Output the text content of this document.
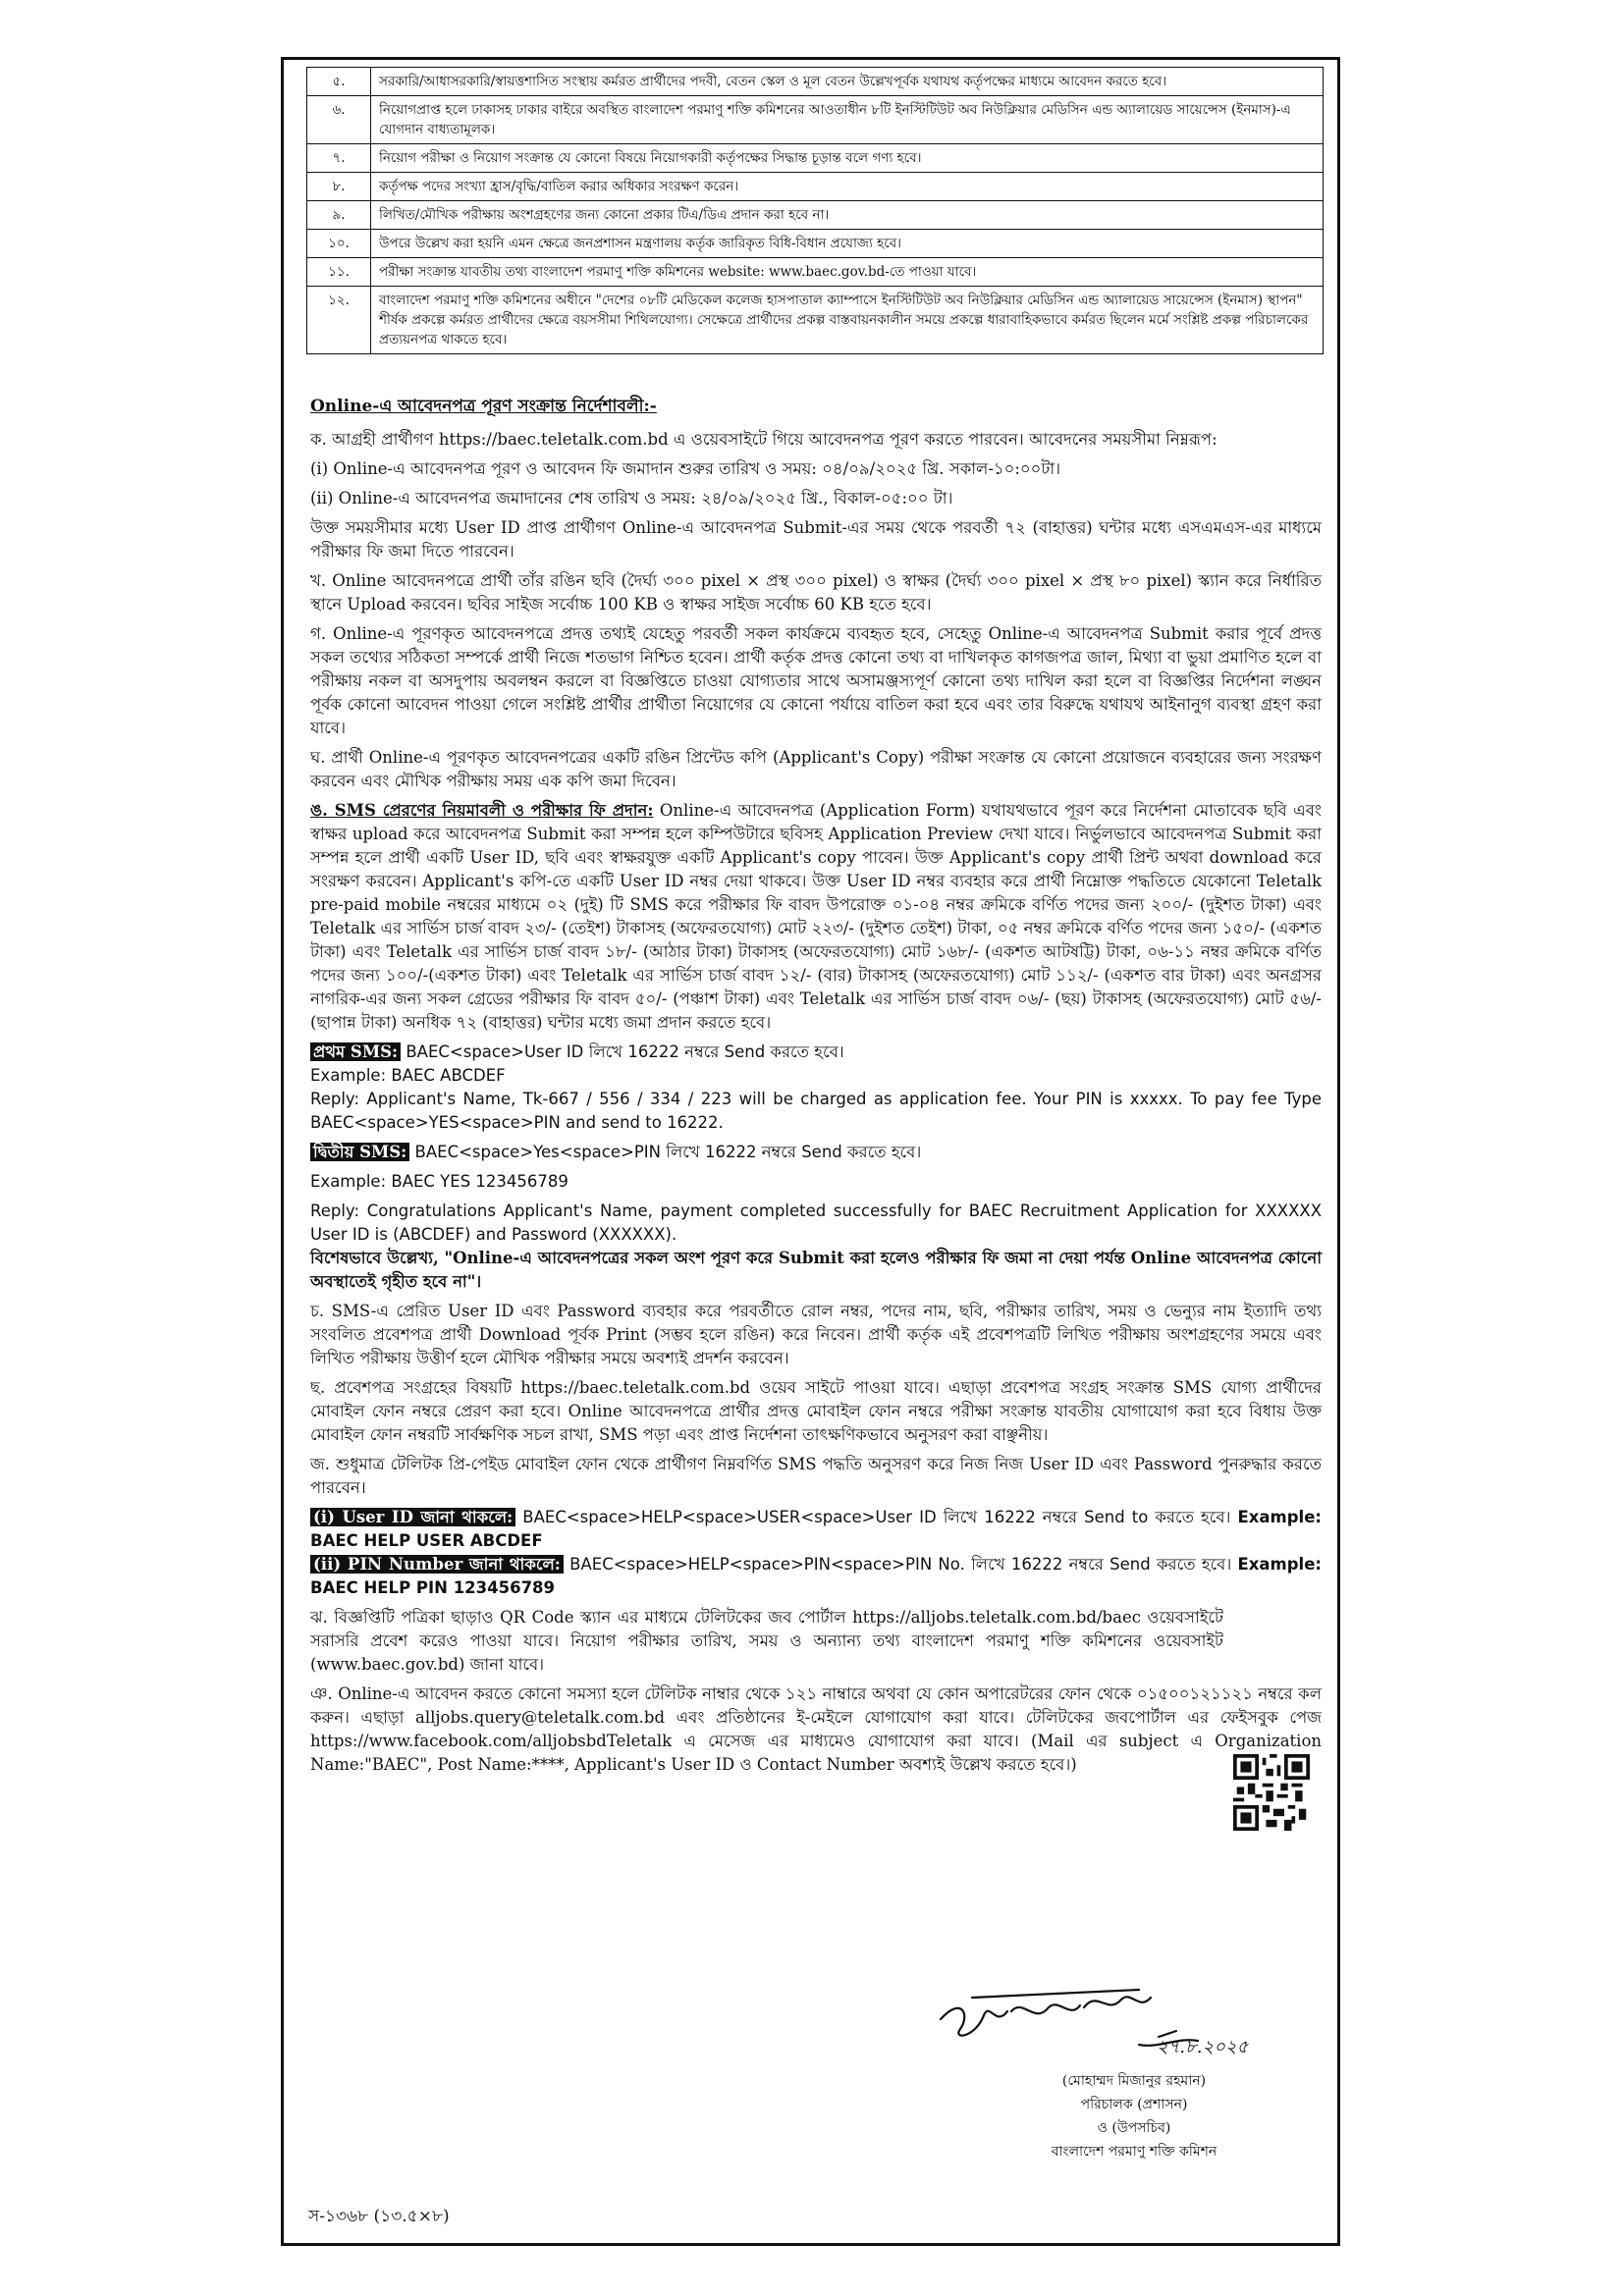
৫.	সরকারি/আধাসরকারি/স্বায়ত্তশাসিত সংস্থায় কর্মরত প্রার্থীদের পদবী, বেতন স্কেল ও মূল বেতন উল্লেখপূর্বক যথাযথ কর্তৃপক্ষের মাধ্যমে আবেদন করতে হবে।
৬.	নিয়োগপ্রাপ্ত হলে ঢাকাসহ ঢাকার বাইরে অবস্থিত বাংলাদেশ পরমাণু শক্তি কমিশনের আওতাধীন ৮টি ইনস্টিটিউট অব নিউক্লিয়ার মেডিসিন এন্ড অ্যালায়েড সায়েন্সেস (ইনমাস)-এ যোগদান বাধ্যতামূলক।
৭.	নিয়োগ পরীক্ষা ও নিয়োগ সংক্রান্ত যে কোনো বিষয়ে নিয়োগকারী কর্তৃপক্ষের সিদ্ধান্ত চূড়ান্ত বলে গণ্য হবে।
৮.	কর্তৃপক্ষ পদের সংখ্যা হ্রাস/বৃদ্ধি/বাতিল করার অধিকার সংরক্ষণ করেন।
৯.	লিখিত/মৌখিক পরীক্ষায় অংশগ্রহণের জন্য কোনো প্রকার টিএ/ডিএ প্রদান করা হবে না।
১০.	উপরে উল্লেখ করা হয়নি এমন ক্ষেত্রে জনপ্রশাসন মন্ত্রণালয় কর্তৃক জারিকৃত বিধি-বিধান প্রযোজ্য হবে।
১১.	পরীক্ষা সংক্রান্ত যাবতীয় তথ্য বাংলাদেশ পরমাণু শক্তি কমিশনের website: www.baec.gov.bd-তে পাওয়া যাবে।
১২.	বাংলাদেশ পরমাণু শক্তি কমিশনের অধীনে "দেশের ০৮টি মেডিকেল কলেজ হাসপাতাল ক্যাম্পাসে ইনস্টিটিউট অব নিউক্লিয়ার মেডিসিন এন্ড অ্যালায়েড সায়েন্সেস (ইনমাস) স্থাপন" শীর্ষক প্রকল্পে কর্মরত প্রার্থীদের ক্ষেত্রে বয়সসীমা শিথিলযোগ্য। সেক্ষেত্রে প্রার্থীদের প্রকল্প বাস্তবায়নকালীন সময়ে প্রকল্পে ধারাবাহিকভাবে কর্মরত ছিলেন মর্মে সংশ্লিষ্ট প্রকল্প পরিচালকের প্রত্যয়নপত্র থাকতে হবে।

Online-এ আবেদনপত্র পূরণ সংক্রান্ত নির্দেশাবলী:-

ক. আগ্রহী প্রার্থীগণ https://baec.teletalk.com.bd এ ওয়েবসাইটে গিয়ে আবেদনপত্র পূরণ করতে পারবেন। আবেদনের সময়সীমা নিম্নরূপ:

(i) Online-এ আবেদনপত্র পূরণ ও আবেদন ফি জমাদান শুরুর তারিখ ও সময়: ০৪/০৯/২০২৫ খ্রি. সকাল-১০:০০টা।

(ii) Online-এ আবেদনপত্র জমাদানের শেষ তারিখ ও সময়: ২৪/০৯/২০২৫ খ্রি., বিকাল-০৫:০০ টা।

উক্ত সময়সীমার মধ্যে User ID প্রাপ্ত প্রার্থীগণ Online-এ আবেদনপত্র Submit-এর সময় থেকে পরবর্তী ৭২ (বাহাত্তর) ঘন্টার মধ্যে এসএমএস-এর মাধ্যমে পরীক্ষার ফি জমা দিতে পারবেন।

খ. Online আবেদনপত্রে প্রার্থী তাঁর রঙিন ছবি (দৈর্ঘ্য ৩০০ pixel × প্রস্থ ৩০০ pixel) ও স্বাক্ষর (দৈর্ঘ্য ৩০০ pixel × প্রস্থ ৮০ pixel) স্ক্যান করে নির্ধারিত স্থানে Upload করবেন। ছবির সাইজ সর্বোচ্চ 100 KB ও স্বাক্ষর সাইজ সর্বোচ্চ 60 KB হতে হবে।

গ. Online-এ পূরণকৃত আবেদনপত্রে প্রদত্ত তথ্যই যেহেতু পরবর্তী সকল কার্যক্রমে ব্যবহৃত হবে, সেহেতু Online-এ আবেদনপত্র Submit করার পূর্বে প্রদত্ত সকল তথ্যের সঠিকতা সম্পর্কে প্রার্থী নিজে শতভাগ নিশ্চিত হবেন। প্রার্থী কর্তৃক প্রদত্ত কোনো তথ্য বা দাখিলকৃত কাগজপত্র জাল, মিথ্যা বা ভুয়া প্রমাণিত হলে বা পরীক্ষায় নকল বা অসদুপায় অবলম্বন করলে বা বিজ্ঞপ্তিতে চাওয়া যোগ্যতার সাথে অসামঞ্জস্যপূর্ণ কোনো তথ্য দাখিল করা হলে বা বিজ্ঞপ্তির নির্দেশনা লঙ্ঘন পূর্বক কোনো আবেদন পাওয়া গেলে সংশ্লিষ্ট প্রার্থীর প্রার্থীতা নিয়োগের যে কোনো পর্যায়ে বাতিল করা হবে এবং তার বিরুদ্ধে যথাযথ আইনানুগ ব্যবস্থা গ্রহণ করা যাবে।

ঘ. প্রার্থী Online-এ পূরণকৃত আবেদনপত্রের একটি রঙিন প্রিন্টেড কপি (Applicant's Copy) পরীক্ষা সংক্রান্ত যে কোনো প্রয়োজনে ব্যবহারের জন্য সংরক্ষণ করবেন এবং মৌখিক পরীক্ষায় সময় এক কপি জমা দিবেন।

ঙ. SMS প্রেরণের নিয়মাবলী ও পরীক্ষার ফি প্রদান: Online-এ আবেদনপত্র (Application Form) যথাযথভাবে পূরণ করে নির্দেশনা মোতাবেক ছবি এবং স্বাক্ষর upload করে আবেদনপত্র Submit করা সম্পন্ন হলে কম্পিউটারে ছবিসহ Application Preview দেখা যাবে। নির্ভুলভাবে আবেদনপত্র Submit করা সম্পন্ন হলে প্রার্থী একটি User ID, ছবি এবং স্বাক্ষরযুক্ত একটি Applicant's copy পাবেন। উক্ত Applicant's copy প্রার্থী প্রিন্ট অথবা download করে সংরক্ষণ করবেন। Applicant's কপি-তে একটি User ID নম্বর দেয়া থাকবে। উক্ত User ID নম্বর ব্যবহার করে প্রার্থী নিম্নোক্ত পদ্ধতিতে যেকোনো Teletalk pre-paid mobile নম্বরের মাধ্যমে ০২ (দুই) টি SMS করে পরীক্ষার ফি বাবদ উপরোক্ত ০১-০৪ নম্বর ক্রমিকে বর্ণিত পদের জন্য ২০০/- (দুইশত টাকা) এবং Teletalk এর সার্ভিস চার্জ বাবদ ২৩/- (তেইশ) টাকাসহ (অফেরতযোগ্য) মোট ২২৩/- (দুইশত তেইশ) টাকা, ০৫ নম্বর ক্রমিকে বর্ণিত পদের জন্য ১৫০/- (একশত টাকা) এবং Teletalk এর সার্ভিস চার্জ বাবদ ১৮/- (আঠার টাকা) টাকাসহ (অফেরতযোগ্য) মোট ১৬৮/- (একশত আটষট্টি) টাকা, ০৬-১১ নম্বর ক্রমিকে বর্ণিত পদের জন্য ১০০/-(একশত টাকা) এবং Teletalk এর সার্ভিস চার্জ বাবদ ১২/- (বার) টাকাসহ (অফেরতযোগ্য) মোট ১১২/- (একশত বার টাকা) এবং অনগ্রসর নাগরিক-এর জন্য সকল গ্রেডের পরীক্ষার ফি বাবদ ৫০/- (পঞ্চাশ টাকা) এবং Teletalk এর সার্ভিস চার্জ বাবদ ০৬/- (ছয়) টাকাসহ (অফেরতযোগ্য) মোট ৫৬/-(ছাপান্ন টাকা) অনধিক ৭২ (বাহাত্তর) ঘন্টার মধ্যে জমা প্রদান করতে হবে।

প্রথম SMS: BAEC<space>User ID লিখে 16222 নম্বরে Send করতে হবে।

Example: BAEC ABCDEF

Reply: Applicant's Name, Tk-667 / 556 / 334 / 223 will be charged as application fee. Your PIN is xxxxx. To pay fee Type BAEC<space>YES<space>PIN and send to 16222.

দ্বিতীয় SMS: BAEC<space>Yes<space>PIN লিখে 16222 নম্বরে Send করতে হবে।

Example: BAEC YES 123456789

Reply: Congratulations Applicant's Name, payment completed successfully for BAEC Recruitment Application for XXXXXX User ID is (ABCDEF) and Password (XXXXXX).

বিশেষভাবে উল্লেখ্য, "Online-এ আবেদনপত্রের সকল অংশ পূরণ করে Submit করা হলেও পরীক্ষার ফি জমা না দেয়া পর্যন্ত Online আবেদনপত্র কোনো অবস্থাতেই গৃহীত হবে না"।

চ. SMS-এ প্রেরিত User ID এবং Password ব্যবহার করে পরবর্তীতে রোল নম্বর, পদের নাম, ছবি, পরীক্ষার তারিখ, সময় ও ভেন্যুর নাম ইত্যাদি তথ্য সংবলিত প্রবেশপত্র প্রার্থী Download পূর্বক Print (সম্ভব হলে রঙিন) করে নিবেন। প্রার্থী কর্তৃক এই প্রবেশপত্রটি লিখিত পরীক্ষায় অংশগ্রহণের সময়ে এবং লিখিত পরীক্ষায় উত্তীর্ণ হলে মৌখিক পরীক্ষার সময়ে অবশ্যই প্রদর্শন করবেন।

ছ. প্রবেশপত্র সংগ্রহের বিষয়টি https://baec.teletalk.com.bd ওয়েব সাইটে পাওয়া যাবে। এছাড়া প্রবেশপত্র সংগ্রহ সংক্রান্ত SMS যোগ্য প্রার্থীদের মোবাইল ফোন নম্বরে প্রেরণ করা হবে। Online আবেদনপত্রে প্রার্থীর প্রদত্ত মোবাইল ফোন নম্বরে পরীক্ষা সংক্রান্ত যাবতীয় যোগাযোগ করা হবে বিধায় উক্ত মোবাইল ফোন নম্বরটি সার্বক্ষণিক সচল রাখা, SMS পড়া এবং প্রাপ্ত নির্দেশনা তাৎক্ষণিকভাবে অনুসরণ করা বাঞ্ছনীয়।

জ. শুধুমাত্র টেলিটক প্রি-পেইড মোবাইল ফোন থেকে প্রার্থীগণ নিম্নবর্ণিত SMS পদ্ধতি অনুসরণ করে নিজ নিজ User ID এবং Password পুনরুদ্ধার করতে পারবেন।

(i) User ID জানা থাকলে: BAEC<space>HELP<space>USER<space>User ID লিখে 16222 নম্বরে Send to করতে হবে। Example: BAEC HELP USER ABCDEF

(ii) PIN Number জানা থাকলে: BAEC<space>HELP<space>PIN<space>PIN No. লিখে 16222 নম্বরে Send করতে হবে। Example: BAEC HELP PIN 123456789

ঝ. বিজ্ঞপ্তিটি পত্রিকা ছাড়াও QR Code স্ক্যান এর মাধ্যমে টেলিটকের জব পোর্টাল https://alljobs.teletalk.com.bd/baec ওয়েবসাইটে সরাসরি প্রবেশ করেও পাওয়া যাবে। নিয়োগ পরীক্ষার তারিখ, সময় ও অন্যান্য তথ্য বাংলাদেশ পরমাণু শক্তি কমিশনের ওয়েবসাইট (www.baec.gov.bd) জানা যাবে।

ঞ. Online-এ আবেদন করতে কোনো সমস্যা হলে টেলিটক নাম্বার থেকে ১২১ নাম্বারে অথবা যে কোন অপারেটরের ফোন থেকে ০১৫০০১২১১২১ নম্বরে কল করুন। এছাড়া alljobs.query@teletalk.com.bd এবং প্রতিষ্ঠানের ই-মেইলে যোগাযোগ করা যাবে। টেলিটকের জবপোর্টাল এর ফেইসবুক পেজ https://www.facebook.com/alljobsbdTeletalk এ মেসেজ এর মাধ্যমেও যোগাযোগ করা যাবে। (Mail এর subject এ Organization Name:"BAEC", Post Name:****, Applicant's User ID ও Contact Number অবশ্যই উল্লেখ করতে হবে।)

২৭.৮.২০২৫
(মোহাম্মদ মিজানুর রহমান)
পরিচালক (প্রশাসন)
ও (উপসচিব)
বাংলাদেশ পরমাণু শক্তি কমিশন
স-১৩৬৮ (১৩.৫×৮)
